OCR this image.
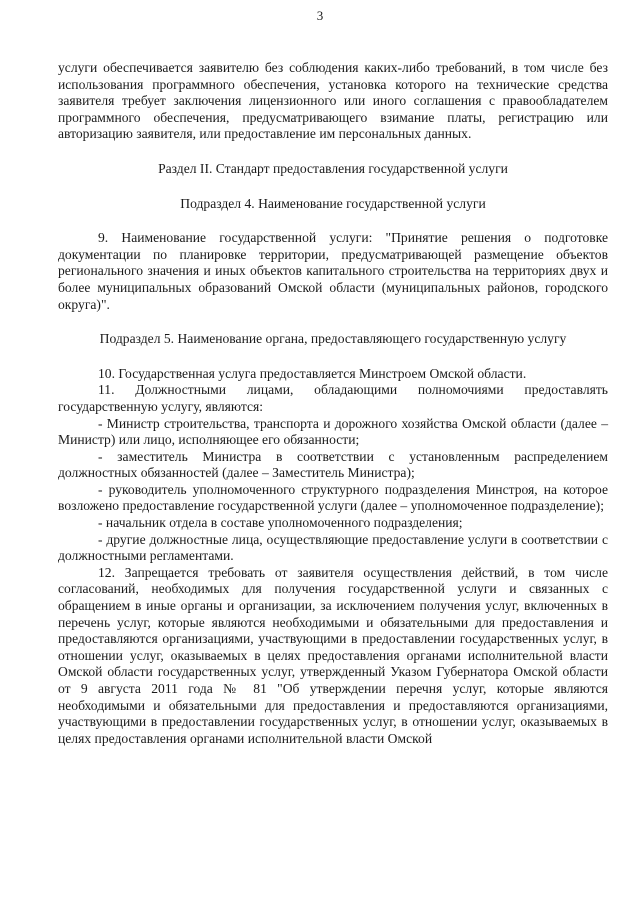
3

услуги обеспечивается заявителю без соблюдения каких-либо требований, в том числе без использования программного обеспечения, установка которого на технические средства заявителя требует заключения лицензионного или иного соглашения с правообладателем программного обеспечения, предусматривающего взимание платы, регистрацию или авторизацию заявителя, или предоставление им персональных данных.

Раздел II. Стандарт предоставления государственной услуги

Подраздел 4. Наименование государственной услуги

9. Наименование государственной услуги: "Принятие решения о подготовке документации по планировке территории, предусматривающей размещение объектов регионального значения и иных объектов капитального строительства на территориях двух и более муниципальных образований Омской области (муниципальных районов, городского округа)".

Подраздел 5. Наименование органа, предоставляющего государственную услугу

10. Государственная услуга предоставляется Минстроем Омской области.

11. Должностными лицами, обладающими полномочиями предоставлять государственную услугу, являются:

- Министр строительства, транспорта и дорожного хозяйства Омской области (далее – Министр) или лицо, исполняющее его обязанности;

- заместитель Министра в соответствии с установленным распределением должностных обязанностей (далее – Заместитель Министра);

- руководитель уполномоченного структурного подразделения Минстроя, на которое возложено предоставление государственной услуги (далее – уполномоченное подразделение);

- начальник отдела в составе уполномоченного подразделения;

- другие должностные лица, осуществляющие предоставление услуги в соответствии с должностными регламентами.

12. Запрещается требовать от заявителя осуществления действий, в том числе согласований, необходимых для получения государственной услуги и связанных с обращением в иные органы и организации, за исключением получения услуг, включенных в перечень услуг, которые являются необходимыми и обязательными для предоставления и предоставляются организациями, участвующими в предоставлении государственных услуг, в отношении услуг, оказываемых в целях предоставления органами исполнительной власти Омской области государственных услуг, утвержденный Указом Губернатора Омской области от 9 августа 2011 года № 81 "Об утверждении перечня услуг, которые являются необходимыми и обязательными для предоставления и предоставляются организациями, участвующими в предоставлении государственных услуг, в отношении услуг, оказываемых в целях предоставления органами исполнительной власти Омской
